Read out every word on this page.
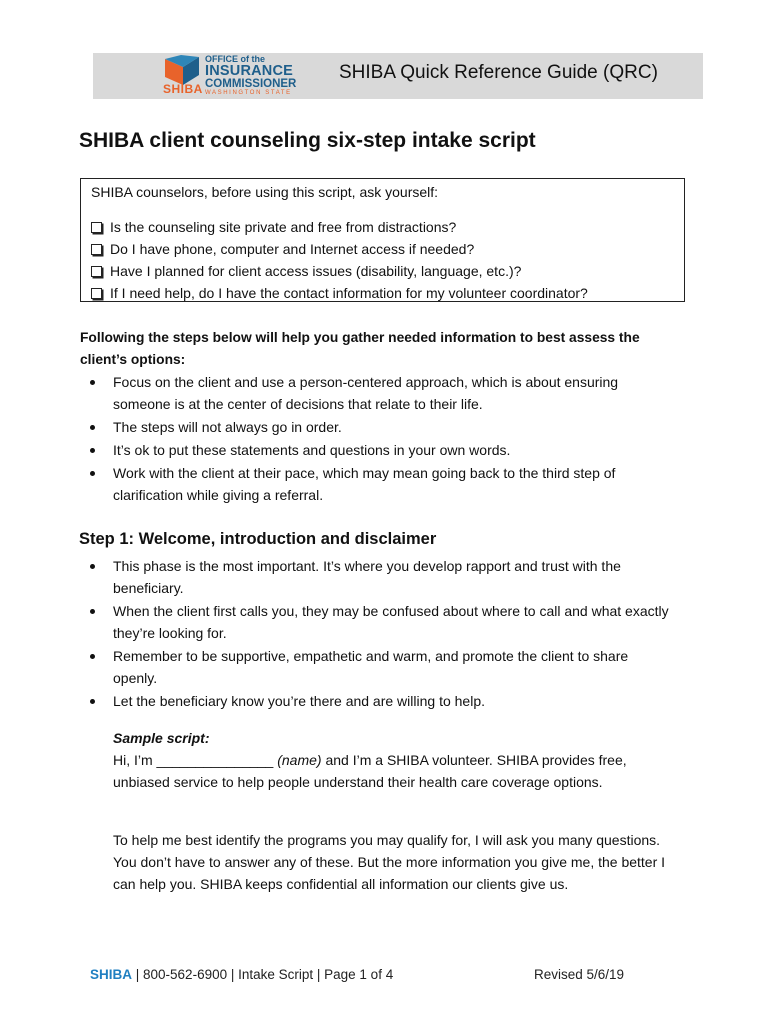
SHIBA
OFFICE of the
INSURANCE
COMMISSIONER
WASHINGTON STATE
SHIBA Quick Reference Guide (QRC)
SHIBA client counseling six-step intake script
SHIBA counselors, before using this script, ask yourself:
Is the counseling site private and free from distractions?
Do I have phone, computer and Internet access if needed?
Have I planned for client access issues (disability, language, etc.)?
If I need help, do I have the contact information for my volunteer coordinator?
Following the steps below will help you gather needed information to best assess the client’s options:
Focus on the client and use a person-centered approach, which is about ensuring someone is at the center of decisions that relate to their life.
The steps will not always go in order.
It’s ok to put these statements and questions in your own words.
Work with the client at their pace, which may mean going back to the third step of clarification while giving a referral.
Step 1: Welcome, introduction and disclaimer
This phase is the most important. It’s where you develop rapport and trust with the beneficiary.
When the client first calls you, they may be confused about where to call and what exactly they’re looking for.
Remember to be supportive, empathetic and warm, and promote the client to share openly.
Let the beneficiary know you’re there and are willing to help.
Sample script:
Hi, I’m _______________ (name) and I’m a SHIBA volunteer. SHIBA provides free, unbiased service to help people understand their health care coverage options.
To help me best identify the programs you may qualify for, I will ask you many questions. You don’t have to answer any of these. But the more information you give me, the better I can help you. SHIBA keeps confidential all information our clients give us.
SHIBA | 800-562-6900 | Intake Script | Page 1 of 4	Revised 5/6/19
